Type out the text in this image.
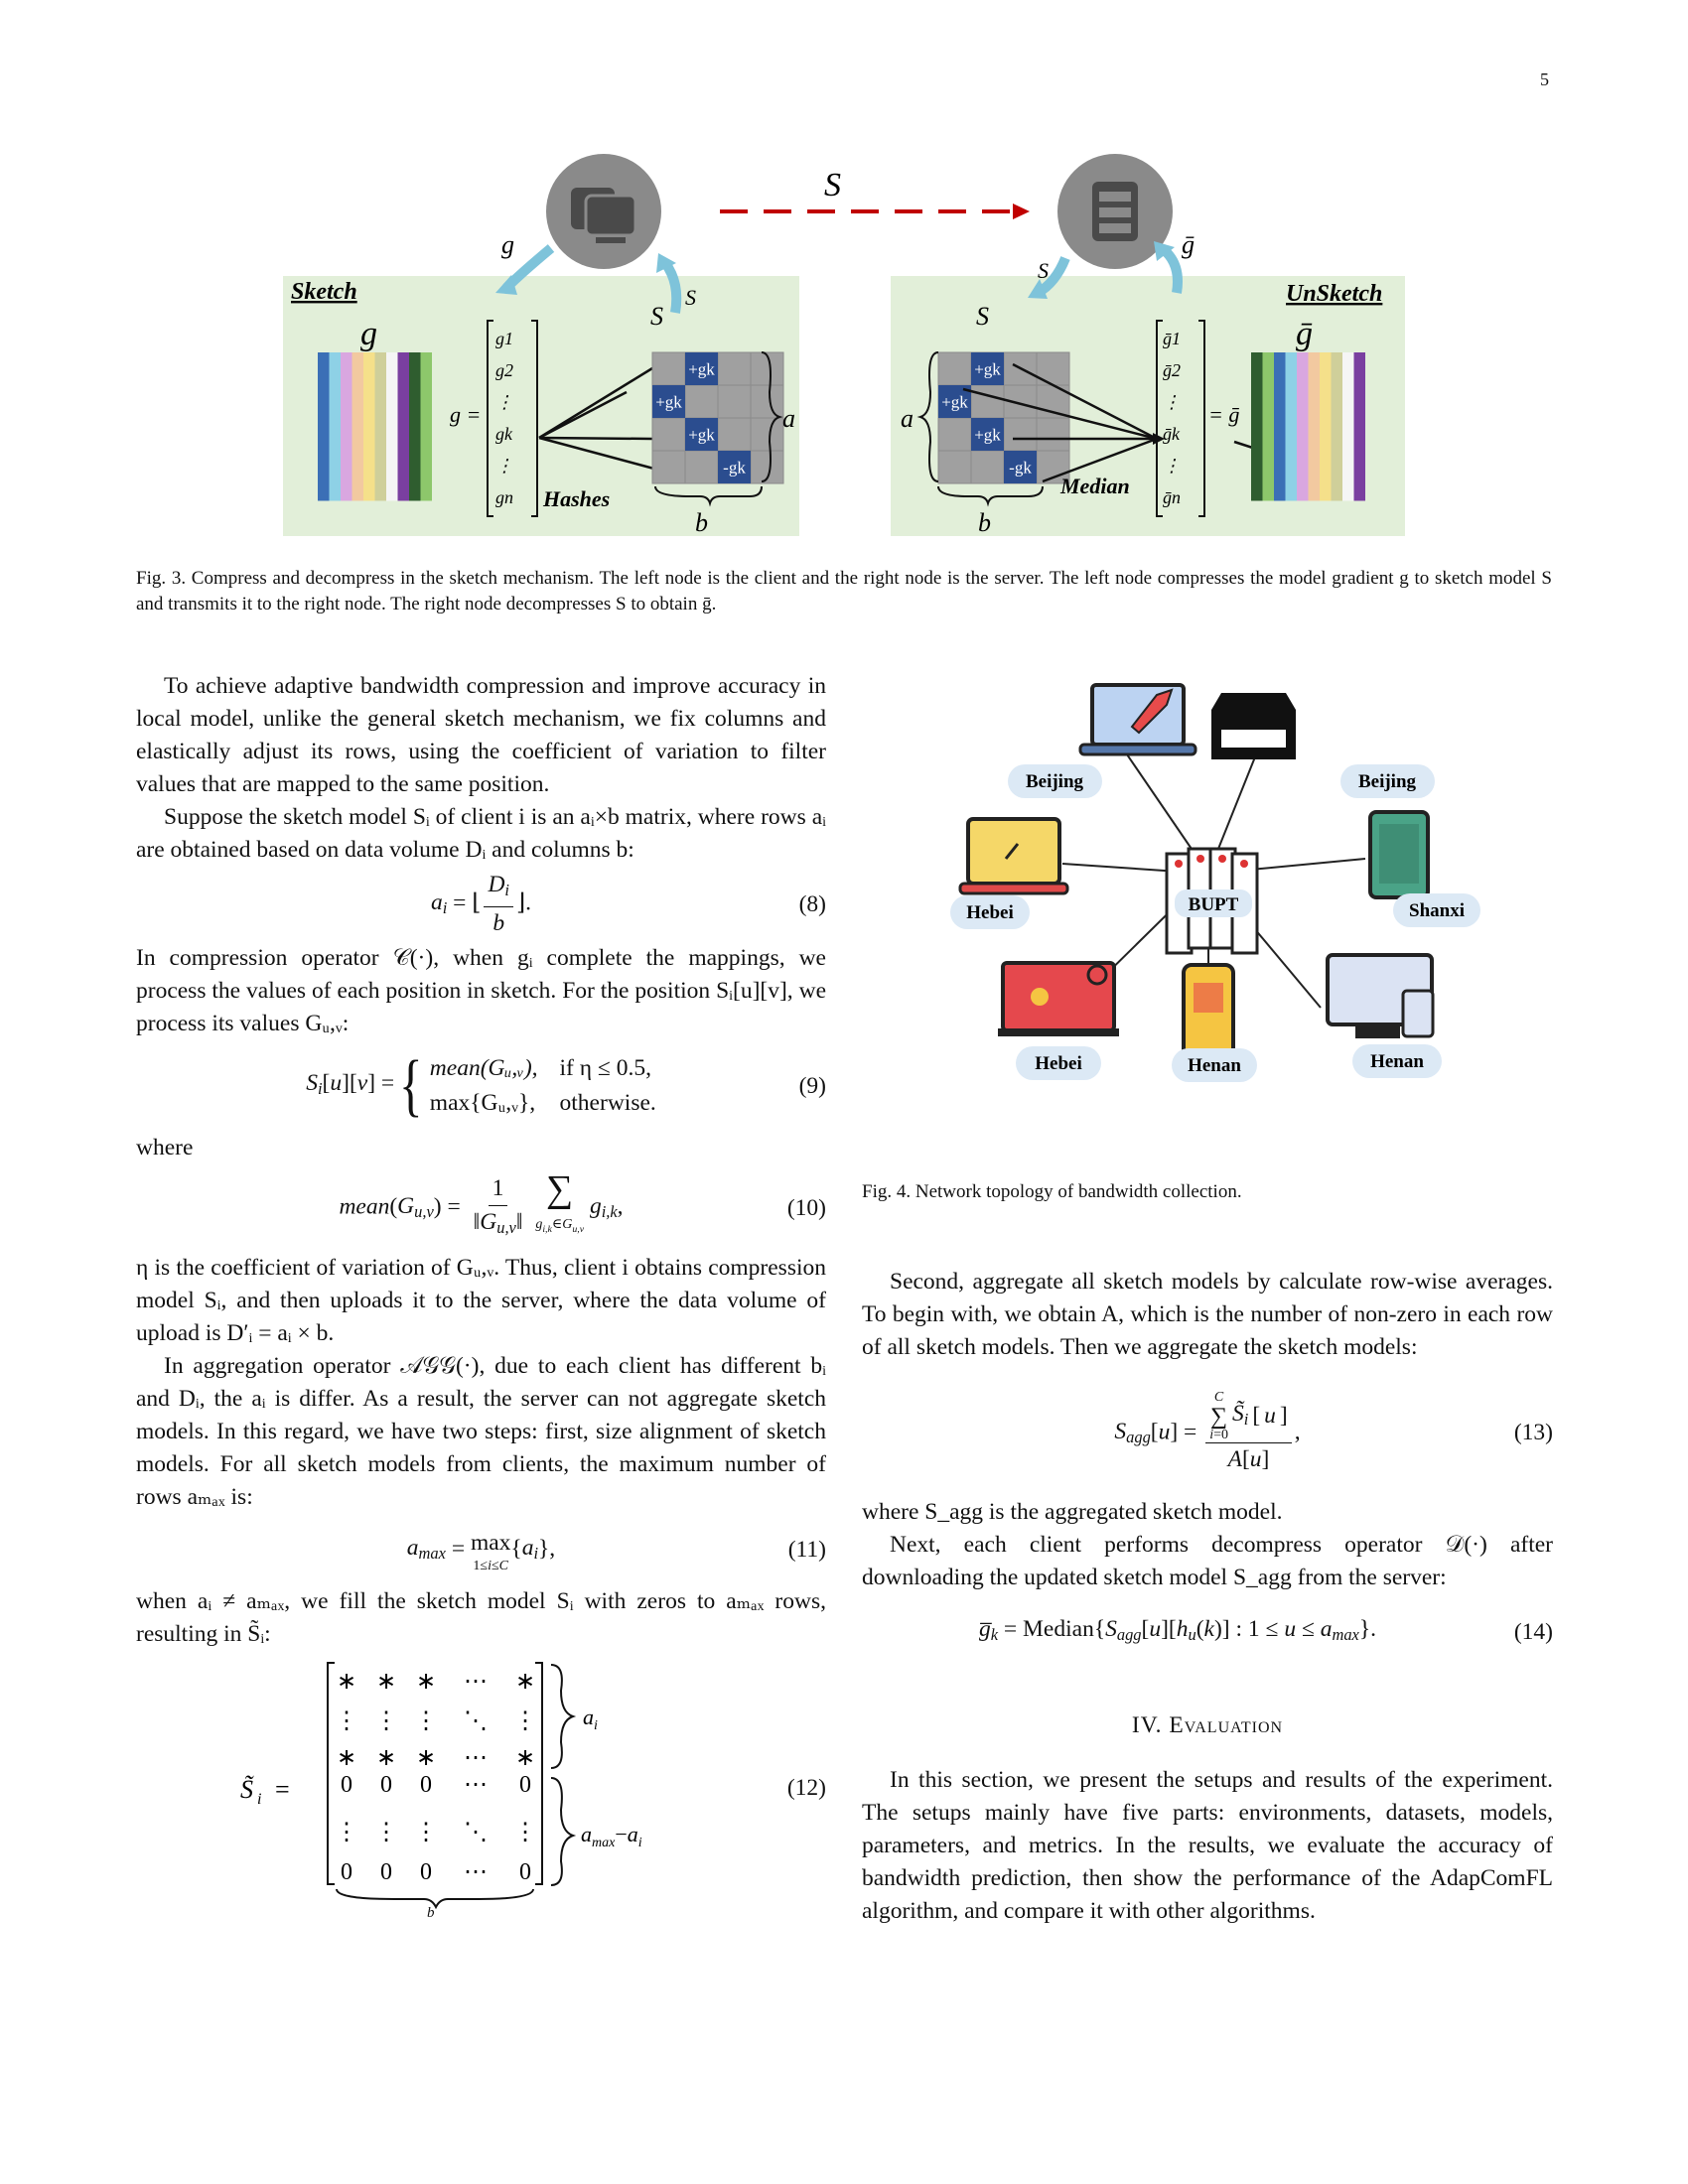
5
S
g
S
S
ḡ
Sketch	UnSketch
g
g =
g1
g2
⋮
gk
⋮
gn Hashes
S
+gk
+gk
+gk
-gk
a
b
S
+gk
+gk
+gk
-gk
a
b
Median
ḡ1
ḡ2
⋮
ḡk
⋮
ḡn
= ḡ
ḡ
Fig. 3. Compress and decompress in the sketch mechanism. The left node is the client and the right node is the server. The left node compresses the model gradient g to sketch model S and transmits it to the right node. The right node decompresses S to obtain ḡ.

To achieve adaptive bandwidth compression and improve accuracy in local model, unlike the general sketch mechanism, we fix columns and elastically adjust its rows, using the coefficient of variation to filter values that are mapped to the same position.

Suppose the sketch model Sᵢ of client i is an aᵢ×b matrix, where rows aᵢ are obtained based on data volume Dᵢ and columns b:

$a_i$ = ⌊ $\frac{D_i}{b}$ ⌋.	(8)

In compression operator 𝒞(·), when gᵢ complete the mappings, we process the values of each position in sketch. For the position Sᵢ[u][v], we process its values Gᵤ,ᵥ:

$S_i[u][v]$ = { mean(Gᵤ,ᵥ), if η ≤ 0.5,
max{Gᵤ,ᵥ}, otherwise.
(9)

where

$mean(G_{u,v}) = \frac{1}{‖G_{u,v}‖}$
∑
$g_{i,k}\in G_{u,v}$
$g_{i,k}$,	(10)

η is the coefficient of variation of Gᵤ,ᵥ. Thus, client i obtains compression model Sᵢ, and then uploads it to the server, where the data volume of upload is D′ᵢ = aᵢ × b.

In aggregation operator 𝒜𝒢𝒢(·), due to each client has different bᵢ and Dᵢ, the aᵢ is differ. As a result, the server can not aggregate sketch models. In this regard, we have two steps: first, size alignment of sketch models. For all sketch models from clients, the maximum number of rows aₘₐₓ is:

$a_{max} = \max$
1≤i≤C
$\{a_i\}$,	(11)

when aᵢ ≠ aₘₐₓ, we fill the sketch model Sᵢ with zeros to aₘₐₓ rows, resulting in S̃ᵢ:

S̃ i =
∗ ∗ ∗ ⋯ ∗
⋮ ⋮ ⋮ ⋱ ⋮
∗ ∗ ∗ ⋯ ∗
0 0 0 ⋯ 0
⋮ ⋮ ⋮ ⋱ ⋮
0 0 0 ⋯ 0
$a_i$
$a_{max}-a_i$
b
(12)
BUPT
Beijing	Beijing
Hebei	Shanxi
Hebei	Henan	Henan
Fig. 4. Network topology of bandwidth collection.

Second, aggregate all sketch models by calculate row-wise averages. To begin with, we obtain A, which is the number of non-zero in each row of all sketch models. Then we aggregate the sketch models:

$S_{agg}[u] = C$
∑
i=0
$S̃_i$ [ u ]
A[u] ,	(13)

where S_agg is the aggregated sketch model.

Next, each client performs decompress operator 𝒟(·) after downloading the updated sketch model S_agg from the server:

$g̅_k$ = $Median\{S_{agg}[u][h_u(k)]$ : $1 \le u \le a_{max}$}.	(14)
IV. Evaluation

In this section, we present the setups and results of the experiment. The setups mainly have five parts: environments, datasets, models, parameters, and metrics. In the results, we evaluate the accuracy of bandwidth prediction, then show the performance of the AdapComFL algorithm, and compare it with other algorithms.
